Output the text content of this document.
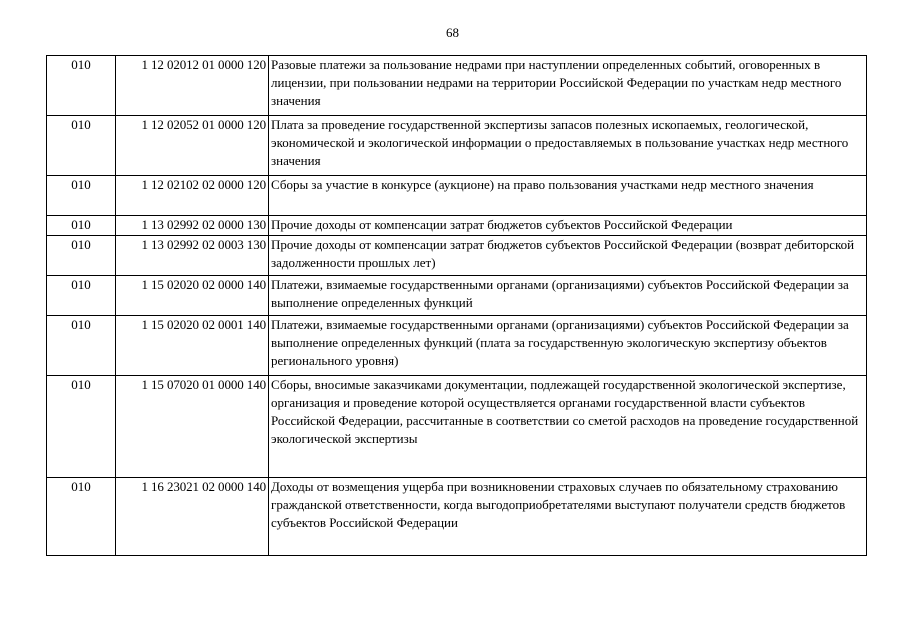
68
010	1 12 02012 01 0000 120	Разовые платежи за пользование недрами при наступлении определенных событий, оговоренных в лицензии, при пользовании недрами на территории Российской Федерации по участкам недр местного значения
010	1 12 02052 01 0000 120	Плата за проведение государственной экспертизы запасов полезных ископаемых, геологической, экономической и экологической информации о предоставляемых в пользование участках недр местного значения
010	1 12 02102 02 0000 120	Сборы за участие в конкурсе (аукционе) на право пользования участками недр местного значения
010	1 13 02992 02 0000 130	Прочие доходы от компенсации затрат бюджетов субъектов Российской Федерации
010	1 13 02992 02 0003 130	Прочие доходы от компенсации затрат бюджетов субъектов Российской Федерации (возврат дебиторской задолженности прошлых лет)
010	1 15 02020 02 0000 140	Платежи, взимаемые государственными органами (организациями) субъектов Российской Федерации за выполнение определенных функций
010	1 15 02020 02 0001 140	Платежи, взимаемые государственными органами (организациями) субъектов Российской Федерации за выполнение определенных функций (плата за государственную экологическую экспертизу объектов регионального уровня)
010	1 15 07020 01 0000 140	Сборы, вносимые заказчиками документации, подлежащей государственной экологической экспертизе, организация и проведение которой осуществляется органами государственной власти субъектов Российской Федерации, рассчитанные в соответствии со сметой расходов на проведение государственной экологической экспертизы
010	1 16 23021 02 0000 140	Доходы от возмещения ущерба при возникновении страховых случаев по обязательному страхованию гражданской ответственности, когда выгодоприобретателями выступают получатели средств бюджетов субъектов Российской Федерации
